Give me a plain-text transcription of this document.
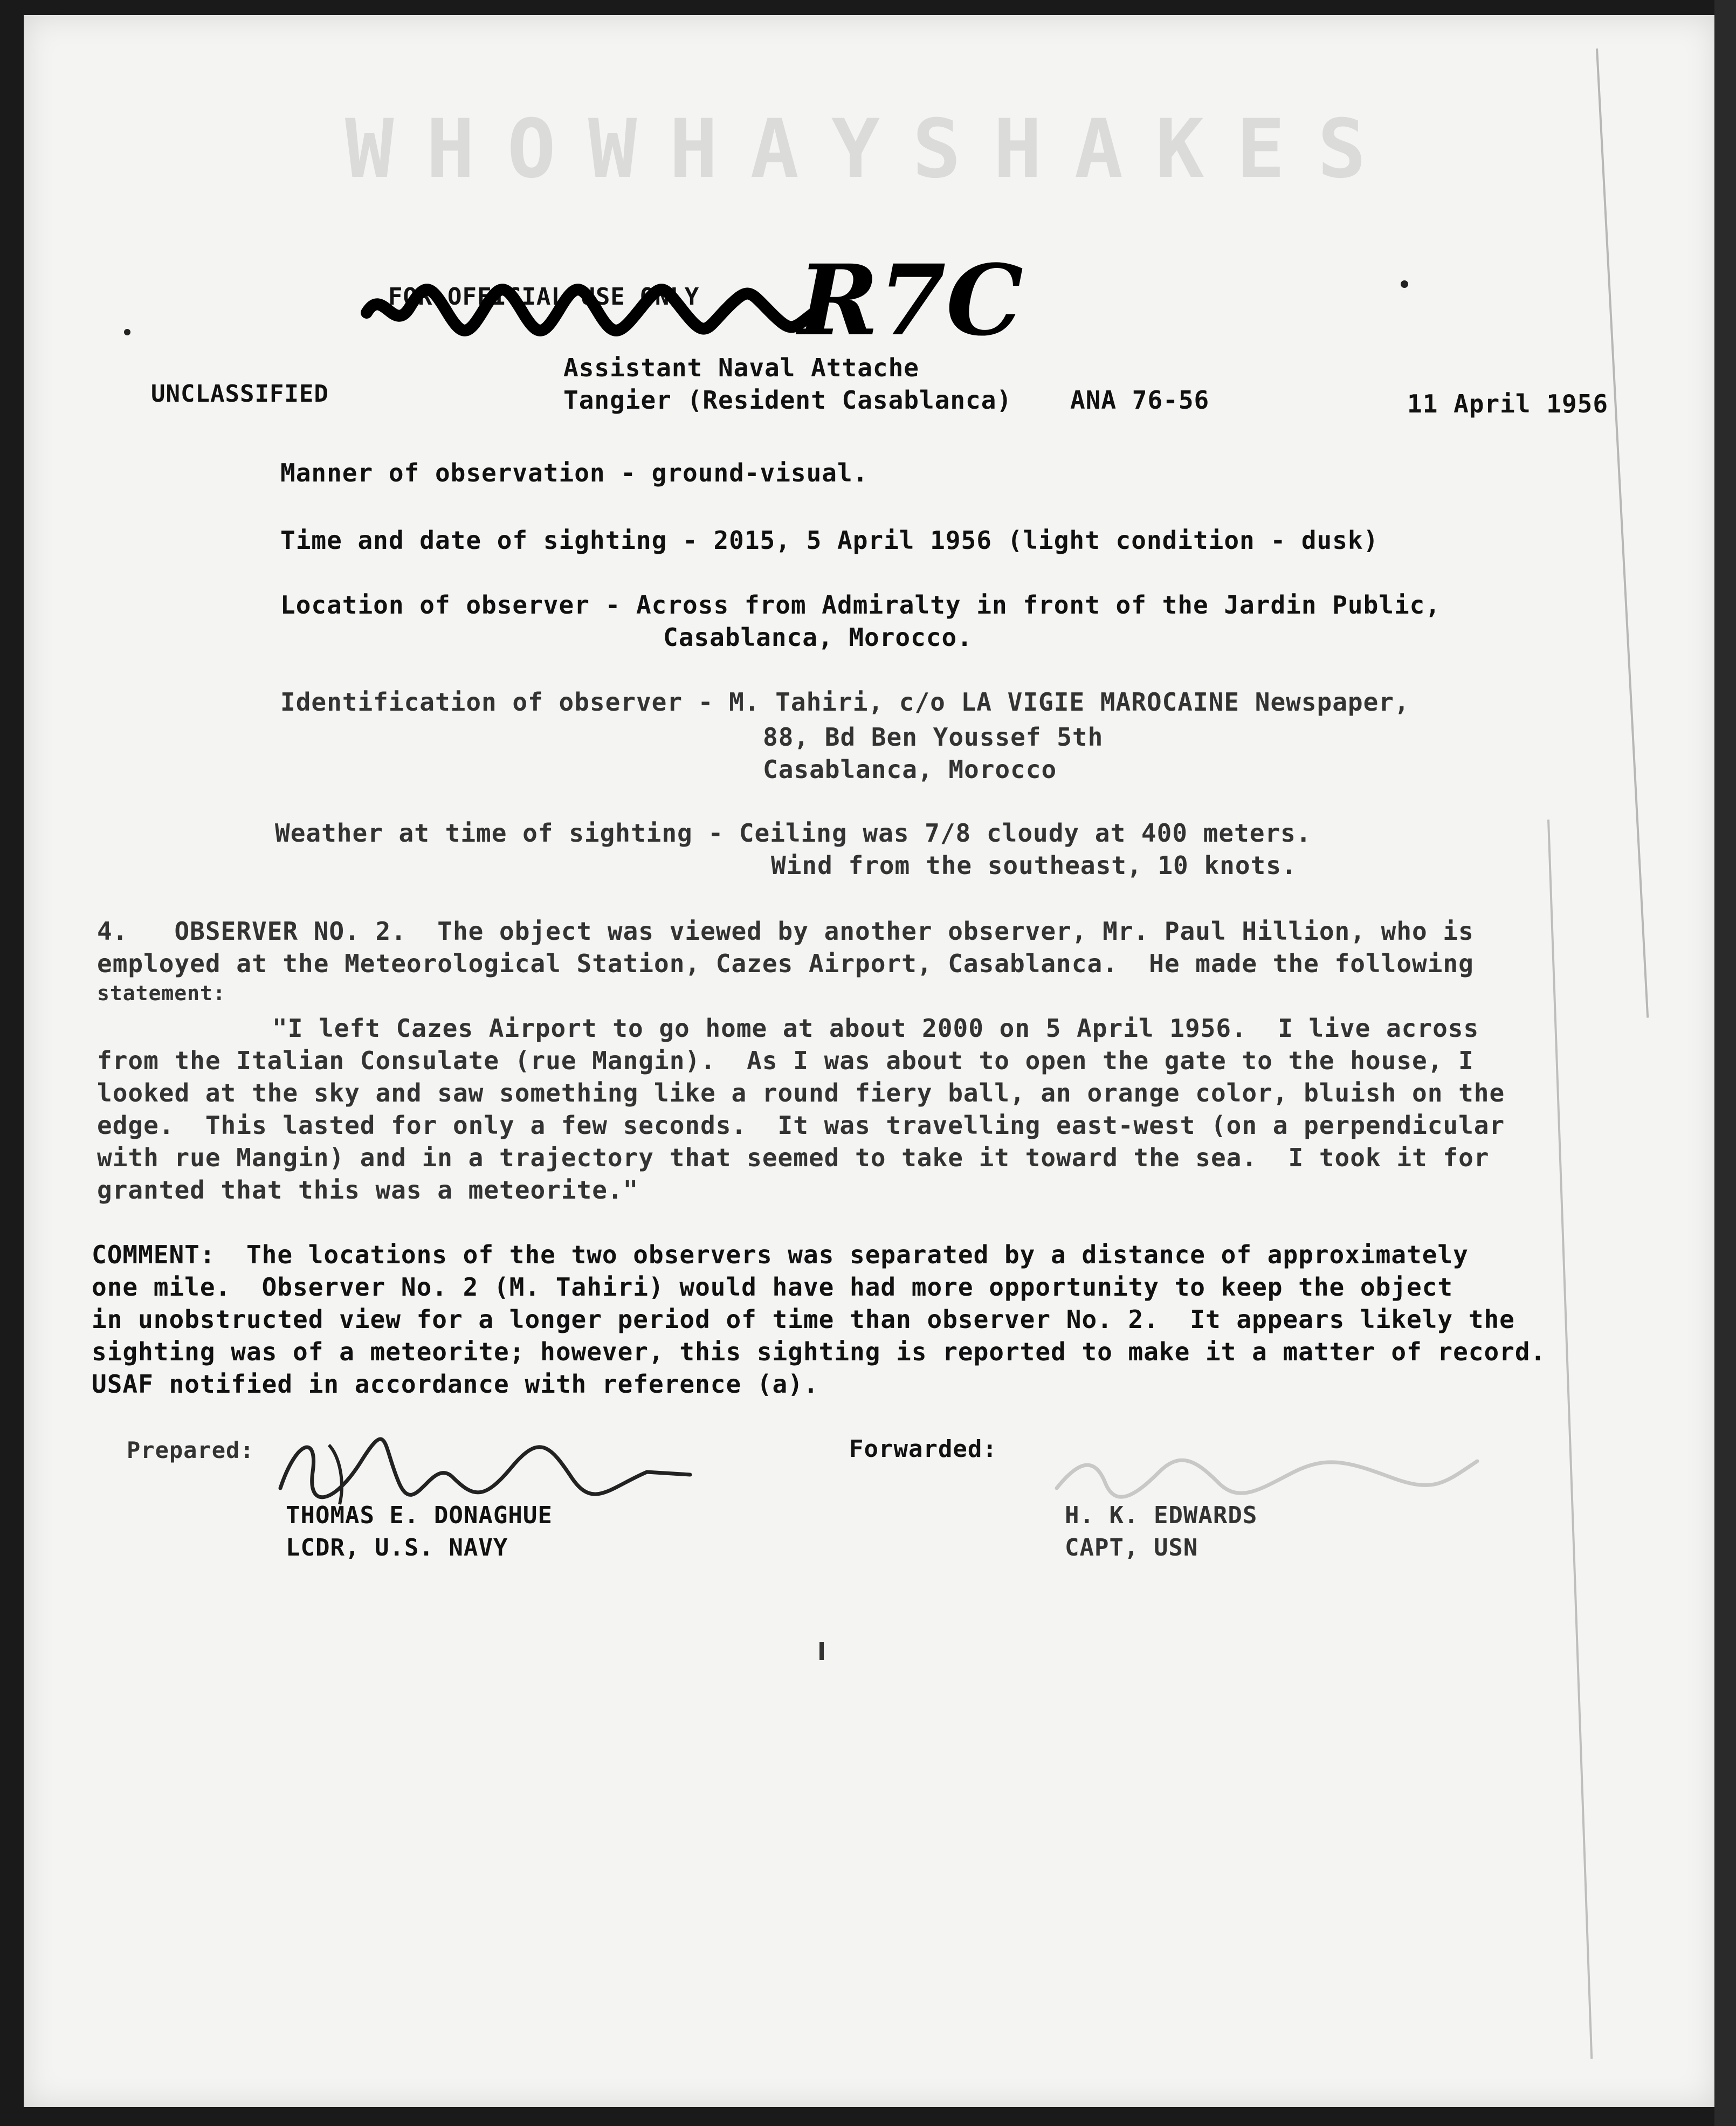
WHOWHAYSHAKES
FOR OFFICIAL USE ONLY R7C
UNCLASSIFIED
Assistant Naval Attache
Tangier (Resident Casablanca) ANA 76-56	11 April 1956
Manner of observation - ground-visual.
Time and date of sighting - 2015, 5 April 1956 (light condition - dusk)
Location of observer - Across from Admiralty in front of the Jardin Public,
Casablanca, Morocco.
Identification of observer - M. Tahiri, c/o LA VIGIE MAROCAINE Newspaper,
88, Bd Ben Youssef 5th
Casablanca, Morocco
Weather at time of sighting - Ceiling was 7/8 cloudy at 400 meters.
Wind from the southeast, 10 knots.
4.   OBSERVER NO. 2.  The object was viewed by another observer, Mr. Paul Hillion, who is
employed at the Meteorological Station, Cazes Airport, Casablanca.  He made the following
statement:
"I left Cazes Airport to go home at about 2000 on 5 April 1956.  I live across
from the Italian Consulate (rue Mangin).  As I was about to open the gate to the house, I
looked at the sky and saw something like a round fiery ball, an orange color, bluish on the
edge.  This lasted for only a few seconds.  It was travelling east-west (on a perpendicular
with rue Mangin) and in a trajectory that seemed to take it toward the sea.  I took it for
granted that this was a meteorite."
COMMENT:  The locations of the two observers was separated by a distance of approximately
one mile.  Observer No. 2 (M. Tahiri) would have had more opportunity to keep the object
in unobstructed view for a longer period of time than observer No. 2.  It appears likely the
sighting was of a meteorite; however, this sighting is reported to make it a matter of record.
USAF notified in accordance with reference (a).
Prepared:
THOMAS E. DONAGHUE
LCDR, U.S. NAVY
Forwarded:
H. K. EDWARDS
CAPT, USN
